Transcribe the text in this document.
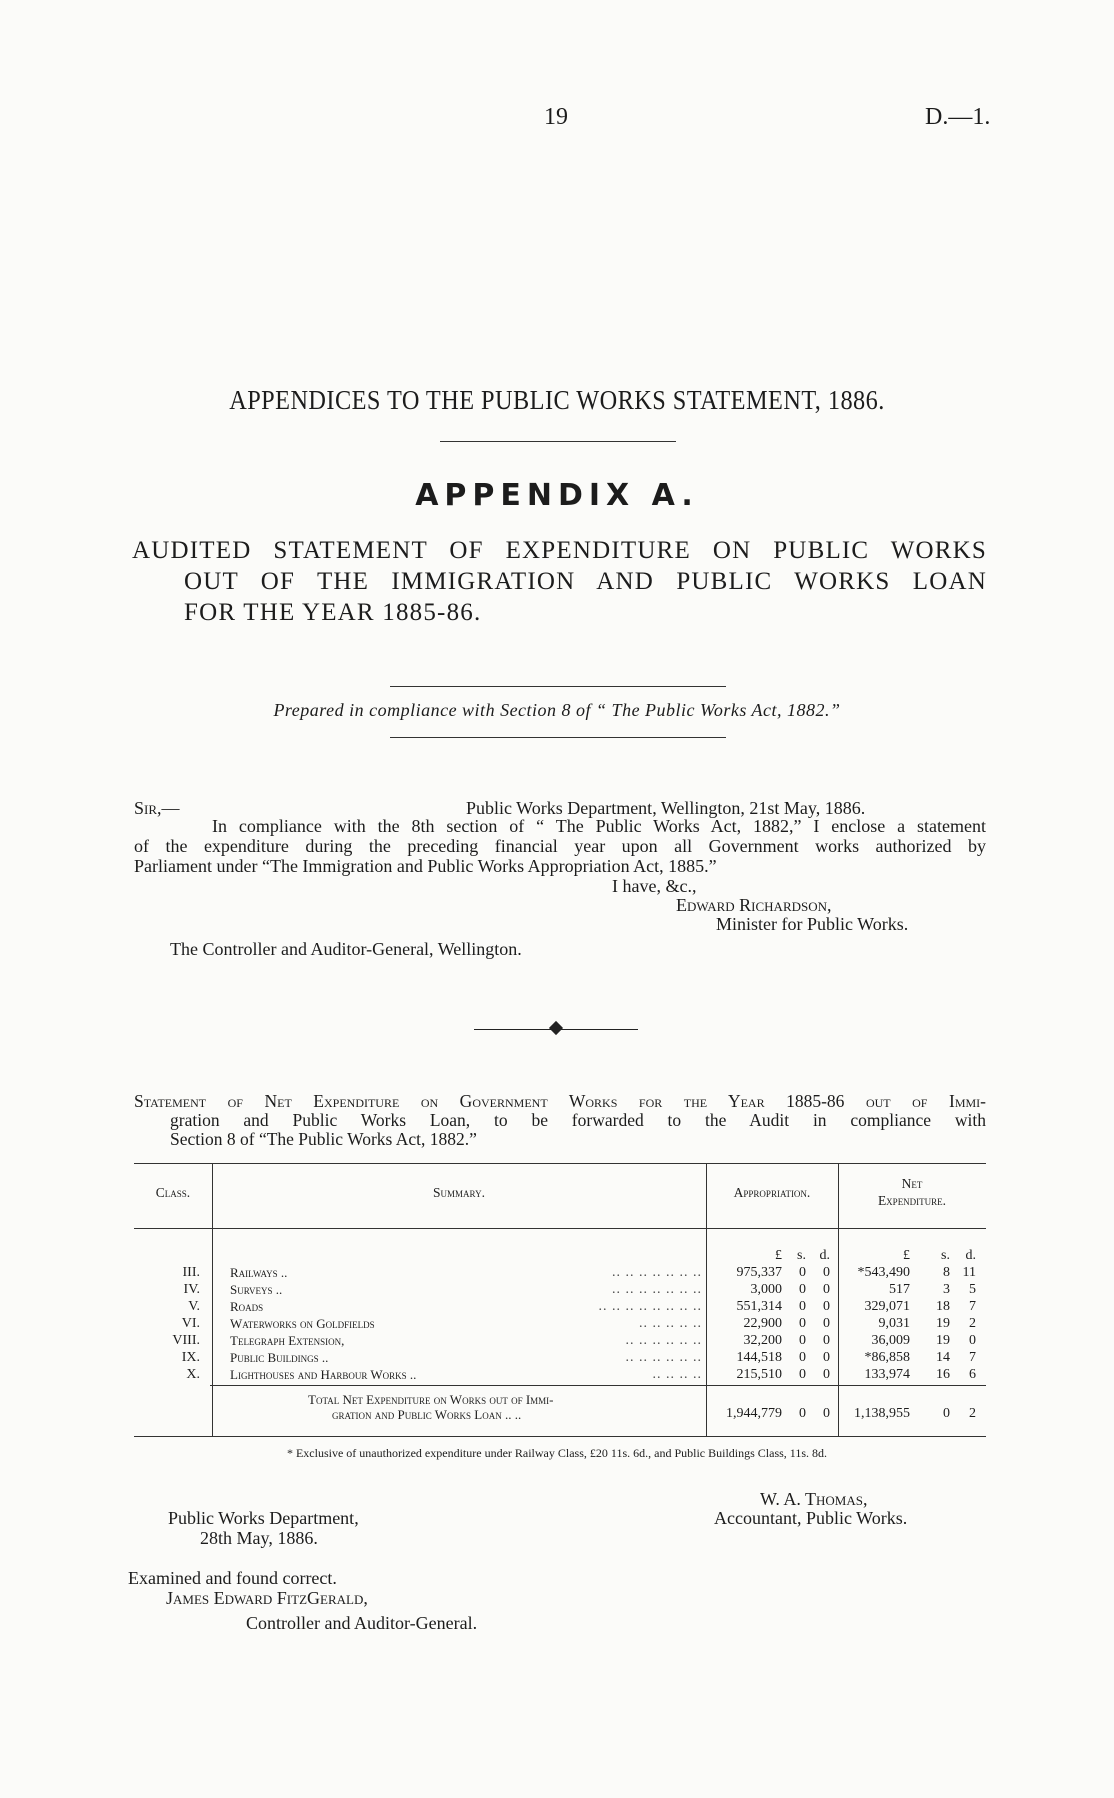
19	D.—1.
APPENDICES TO THE PUBLIC WORKS STATEMENT, 1886.
APPENDIX A.
AUDITED STATEMENT OF EXPENDITURE ON PUBLIC WORKS
OUT OF THE IMMIGRATION AND PUBLIC WORKS LOAN
FOR THE YEAR 1885-86.
Prepared in compliance with Section 8 of “ The Public Works Act, 1882.”
Sir,—	Public Works Department, Wellington, 21st May, 1886.
In compliance with the 8th section of “ The Public Works Act, 1882,” I enclose a statement
of the expenditure during the preceding financial year upon all Government works authorized by
Parliament under “The Immigration and Public Works Appropriation Act, 1885.”
I have, &c.,
Edward Richardson,
Minister for Public Works.
The Controller and Auditor-General, Wellington.
Statement of Net Expenditure on Government Works for the Year 1885-86 out of Immi-
gration and Public Works Loan, to be forwarded to the Audit in compliance with
Section 8 of “The Public Works Act, 1882.”
Class.	Summary.	Appropriation.
Net
Expenditure.
£	s. d.	£	s.	d.
III. Railways ..	.. .. .. .. .. .. ..	975,337	0	0	*543,490	8 11
IV. Surveys ..	.. .. .. .. .. .. ..	3,000	0	0	517	3	5
V. Roads	.. .. .. .. .. .. .. ..	551,314	0	0	329,071	18	7
VI. Waterworks on Goldfields	.. .. .. .. ..	22,900	0	0	9,031	19	2
VIII. Telegraph Extension,	.. .. .. .. .. ..	32,200	0	0	36,009	19	0
IX. Public Buildings ..	.. .. .. .. .. ..	144,518	0	0	*86,858	14	7
X. Lighthouses and Harbour Works ..	.. .. .. ..	215,510	0	0	133,974	16	6
Total Net Expenditure on Works out of Immi-
gration and Public Works Loan .. ..	1,944,779	0	0	1,138,955	0	2
* Exclusive of unauthorized expenditure under Railway Class, £20 11s. 6d., and Public Buildings Class, 11s. 8d.
Public Works Department,
28th May, 1886.
W. A. Thomas,
Accountant, Public Works.
Examined and found correct.
James Edward FitzGerald,
Controller and Auditor-General.
